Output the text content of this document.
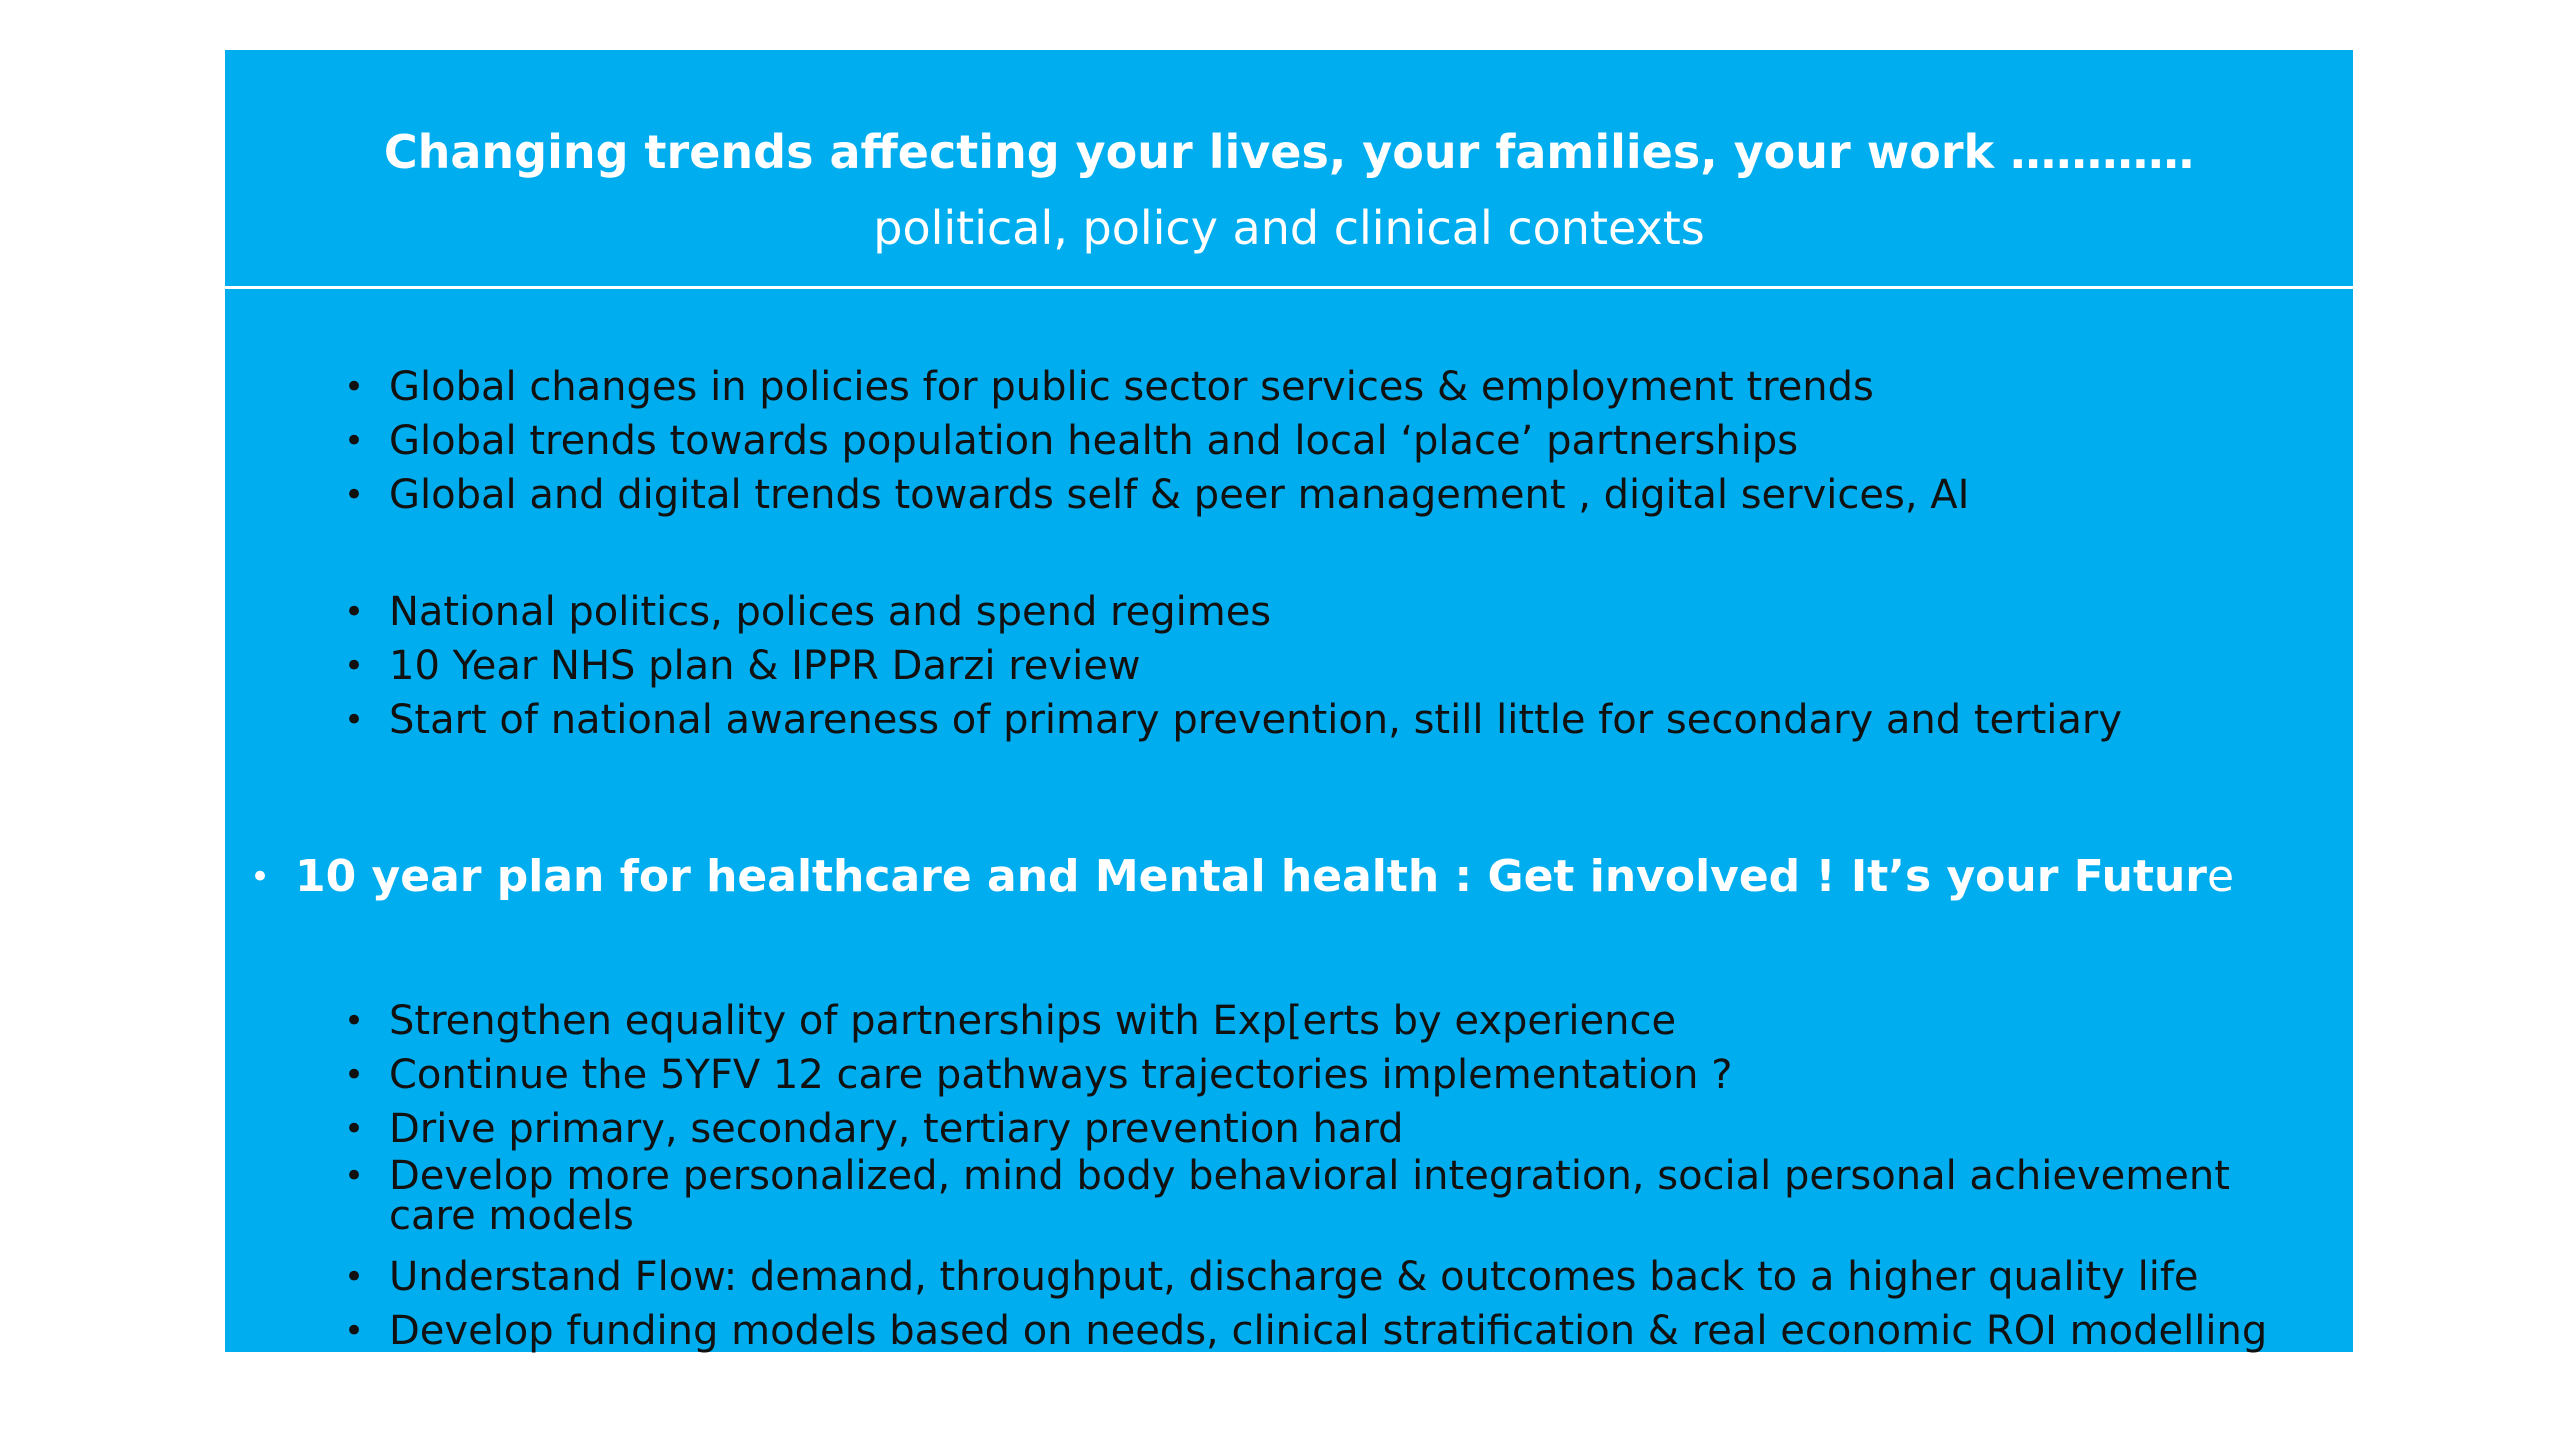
Changing trends affecting your lives, your families, your work …………
political, policy and clinical contexts
• Global changes in policies for public sector services & employment trends
• Global trends towards population health and local ‘place’ partnerships
• Global and digital trends towards self & peer management , digital services, AI
• National politics, polices and spend regimes
• 10 Year NHS plan & IPPR Darzi review
• Start of national awareness of primary prevention, still little for secondary and tertiary
• 10 year plan for healthcare and Mental health : Get involved ! It’s your Future
• Strengthen equality of partnerships with Exp[erts by experience
• Continue the 5YFV 12 care pathways trajectories implementation ?
• Drive primary, secondary, tertiary prevention hard
• Develop more personalized, mind body behavioral integration, social personal achievement care models
• Understand Flow: demand, throughput, discharge & outcomes back to a higher quality life
• Develop funding models based on needs, clinical stratification & real economic ROI modelling
